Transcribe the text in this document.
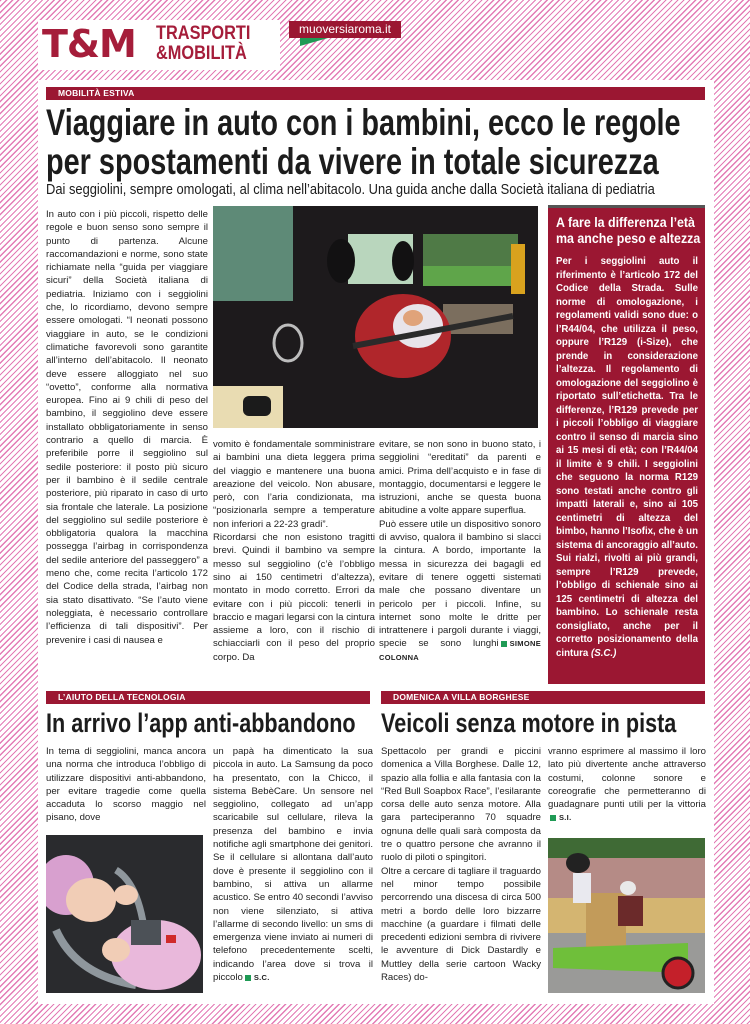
T&M TRASPORTI
&MOBILITÀ
muoversiaroma.it
MOBILITÀ ESTIVA
Viaggiare in auto con i bambini, ecco le regole
per spostamenti da vivere in totale sicurezza
Dai seggiolini, sempre omologati, al clima nell’abitacolo. Una guida anche dalla Società italiana di pediatria

In auto con i più piccoli, rispetto delle regole e buon senso sono sempre il punto di partenza. Alcune raccomandazioni e norme, sono state richiamate nella “guida per viaggiare sicuri” della Società italiana di pediatria. Iniziamo con i seggiolini che, lo ricordiamo, devono sempre essere omologati. “I neonati possono viaggiare in auto, se le condizioni climatiche favorevoli sono garantite all’interno dell’abitacolo. Il neonato deve essere alloggiato nel suo “ovetto”, conforme alla normativa europea. Fino ai 9 chili di peso del bambino, il seggiolino deve essere installato obbligatoriamente in senso contrario a quello di marcia. È preferibile porre il seggiolino sul sedile posteriore: il posto più sicuro per il bambino è il sedile centrale posteriore, più riparato in caso di urto sia frontale che laterale. La posizione del seggiolino sul sedile posteriore è obbligatoria qualora la macchina possegga l’airbag in corrispondenza del sedile anteriore del passeggero” a meno che, come recita l’articolo 172 del Codice della strada, l’airbag non sia stato disattivato. “Se l’auto viene noleggiata, è necessario controllare l’efficienza di tali dispositivi”. Per prevenire i casi di nausea e

vomito è fondamentale somministrare ai bambini una dieta leggera prima del viaggio e mantenere una buona areazione del veicolo. Non abusare, però, con l’aria condizionata, ma “posizionarla sempre a temperature non inferiori a 22-23 gradi”.

Ricordarsi che non esistono tragitti brevi. Quindi il bambino va sempre messo sul seggiolino (c’è l’obbligo sino ai 150 centimetri d’altezza), montato in modo corretto. Errori da evitare con i più piccoli: tenerli in braccio e magari legarsi con la cintura assieme a loro, con il rischio di schiacciarli con il peso del proprio corpo. Da

evitare, se non sono in buono stato, i seggiolini “ereditati” da parenti e amici. Prima dell’acquisto e in fase di montaggio, documentarsi e leggere le istruzioni, anche se questa buona abitudine a volte appare superflua.

Può essere utile un dispositivo sonoro di avviso, qualora il bambino si slacci la cintura. A bordo, importante la messa in sicurezza dei bagagli ed evitare di tenere oggetti sistemati male che possano diventare un pericolo per i piccoli. Infine, su internet sono molte le dritte per intrattenere i pargoli durante i viaggi, specie se sono lunghi SIMONE COLONNA

A fare la differenza l’età
ma anche peso e altezza
Per i seggiolini auto il riferimento è l’articolo 172 del Codice della Strada. Sulle norme di omologazione, i regolamenti validi sono due: o l’R44/04, che utilizza il peso, oppure l’R129 (i-Size), che prende in considerazione l’altezza. Il regolamento di omologazione del seggiolino è riportato sull’etichetta. Tra le differenze, l’R129 prevede per i piccoli l’obbligo di viaggiare contro il senso di marcia sino ai 15 mesi di età; con l’R44/04 il limite è 9 chili. I seggiolini che seguono la norma R129 sono testati anche contro gli impatti laterali e, sino ai 105 centimetri di altezza del bimbo, hanno l’Isofix, che è un sistema di ancoraggio all’auto. Sui rialzi, rivolti ai più grandi, sempre l’R129 prevede, l’obbligo di schienale sino ai 125 centimetri di altezza del bambino. Lo schienale resta consigliato, anche per il corretto posizionamento della cintura (S.C.)
L’AIUTO DELLA TECNOLOGIA
In arrivo l’app anti-abbandono

In tema di seggiolini, manca ancora una norma che introduca l’obbligo di utilizzare dispositivi anti-abbandono, per evitare tragedie come quella accaduta lo scorso maggio nel pisano, dove

un papà ha dimenticato la sua piccola in auto. La Samsung da poco ha presentato, con la Chicco, il sistema BebèCare. Un sensore nel seggiolino, collegato ad un’app scaricabile sul cellulare, rileva la presenza del bambino e invia notifiche agli smartphone dei genitori. Se il cellulare si allontana dall’auto dove è presente il seggiolino con il bambino, si attiva un allarme acustico. Se entro 40 secondi l’avviso non viene silenziato, si attiva l’allarme di secondo livello: un sms di emergenza viene inviato ai numeri di telefono precedentemente scelti, indicando l’area dove si trova il piccolo S.C.

DOMENICA A VILLA BORGHESE
Veicoli senza motore in pista

Spettacolo per grandi e piccini domenica a Villa Borghese. Dalle 12, spazio alla follia e alla fantasia con la “Red Bull Soapbox Race”, l’esilarante corsa delle auto senza motore. Alla gara parteciperanno 70 squadre ognuna delle quali sarà composta da tre o quattro persone che avranno il ruolo di piloti o spingitori.

Oltre a cercare di tagliare il traguardo nel minor tempo possibile percorrendo una discesa di circa 500 metri a bordo delle loro bizzarre macchine (a guardare i filmati delle precedenti edizioni sembra di rivivere le avventure di Dick Dastardly e Muttley della serie cartoon Wacky Races) do-

vranno esprimere al massimo il loro lato più divertente anche attraverso costumi, colonne sonore e coreografie che permetteranno di guadagnare punti utili per la vittoriaS.I.
